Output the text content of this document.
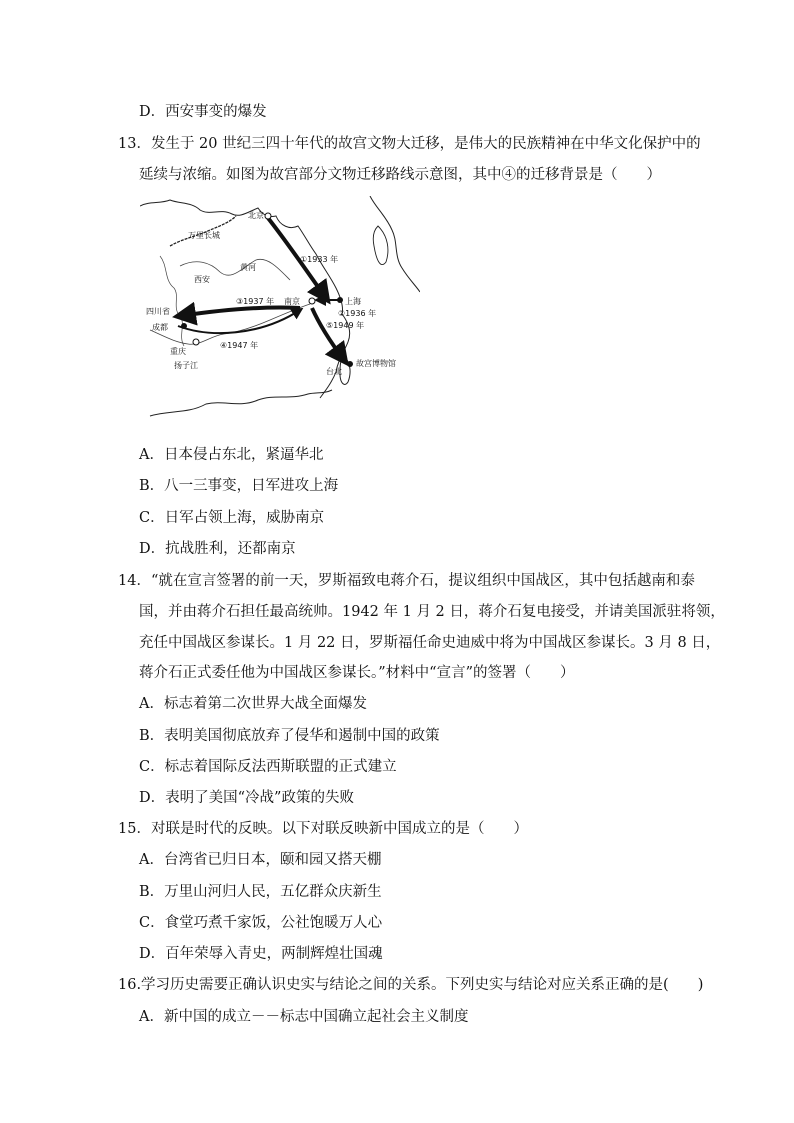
D．西安事变的爆发
13．发生于 20 世纪三四十年代的故宫文物大迁移，是伟大的民族精神在中华文化保护中的
延续与浓缩。如图为故宫部分文物迁移路线示意图，其中④的迁移背景是（　　）
北京
万里长城
黄河
西安
南京	上海
四川省
成都
重庆
扬子江
台北
故宫博物馆
①1933 年
②1936 年
③1937 年
④1947 年
⑤1949 年
A．日本侵占东北，紧逼华北
B．八一三事变，日军进攻上海
C．日军占领上海，威胁南京
D．抗战胜利，还都南京
14．“就在宣言签署的前一天，罗斯福致电蒋介石，提议组织中国战区，其中包括越南和泰
国，并由蒋介石担任最高统帅。1942 年 1 月 2 日，蒋介石复电接受，并请美国派驻将领，
充任中国战区参谋长。1 月 22 日，罗斯福任命史迪威中将为中国战区参谋长。3 月 8 日，
蒋介石正式委任他为中国战区参谋长。”材料中“宣言”的签署（　　）
A．标志着第二次世界大战全面爆发
B．表明美国彻底放弃了侵华和遏制中国的政策
C．标志着国际反法西斯联盟的正式建立
D．表明了美国“冷战”政策的失败
15．对联是时代的反映。以下对联反映新中国成立的是（　　）
A．台湾省已归日本，颐和园又搭天棚
B．万里山河归人民，五亿群众庆新生
C．食堂巧煮千家饭，公社饱暖万人心
D．百年荣辱入青史，两制辉煌壮国魂
16.学习历史需要正确认识史实与结论之间的关系。下列史实与结论对应关系正确的是(　　)
A．新中国的成立－－标志中国确立起社会主义制度
